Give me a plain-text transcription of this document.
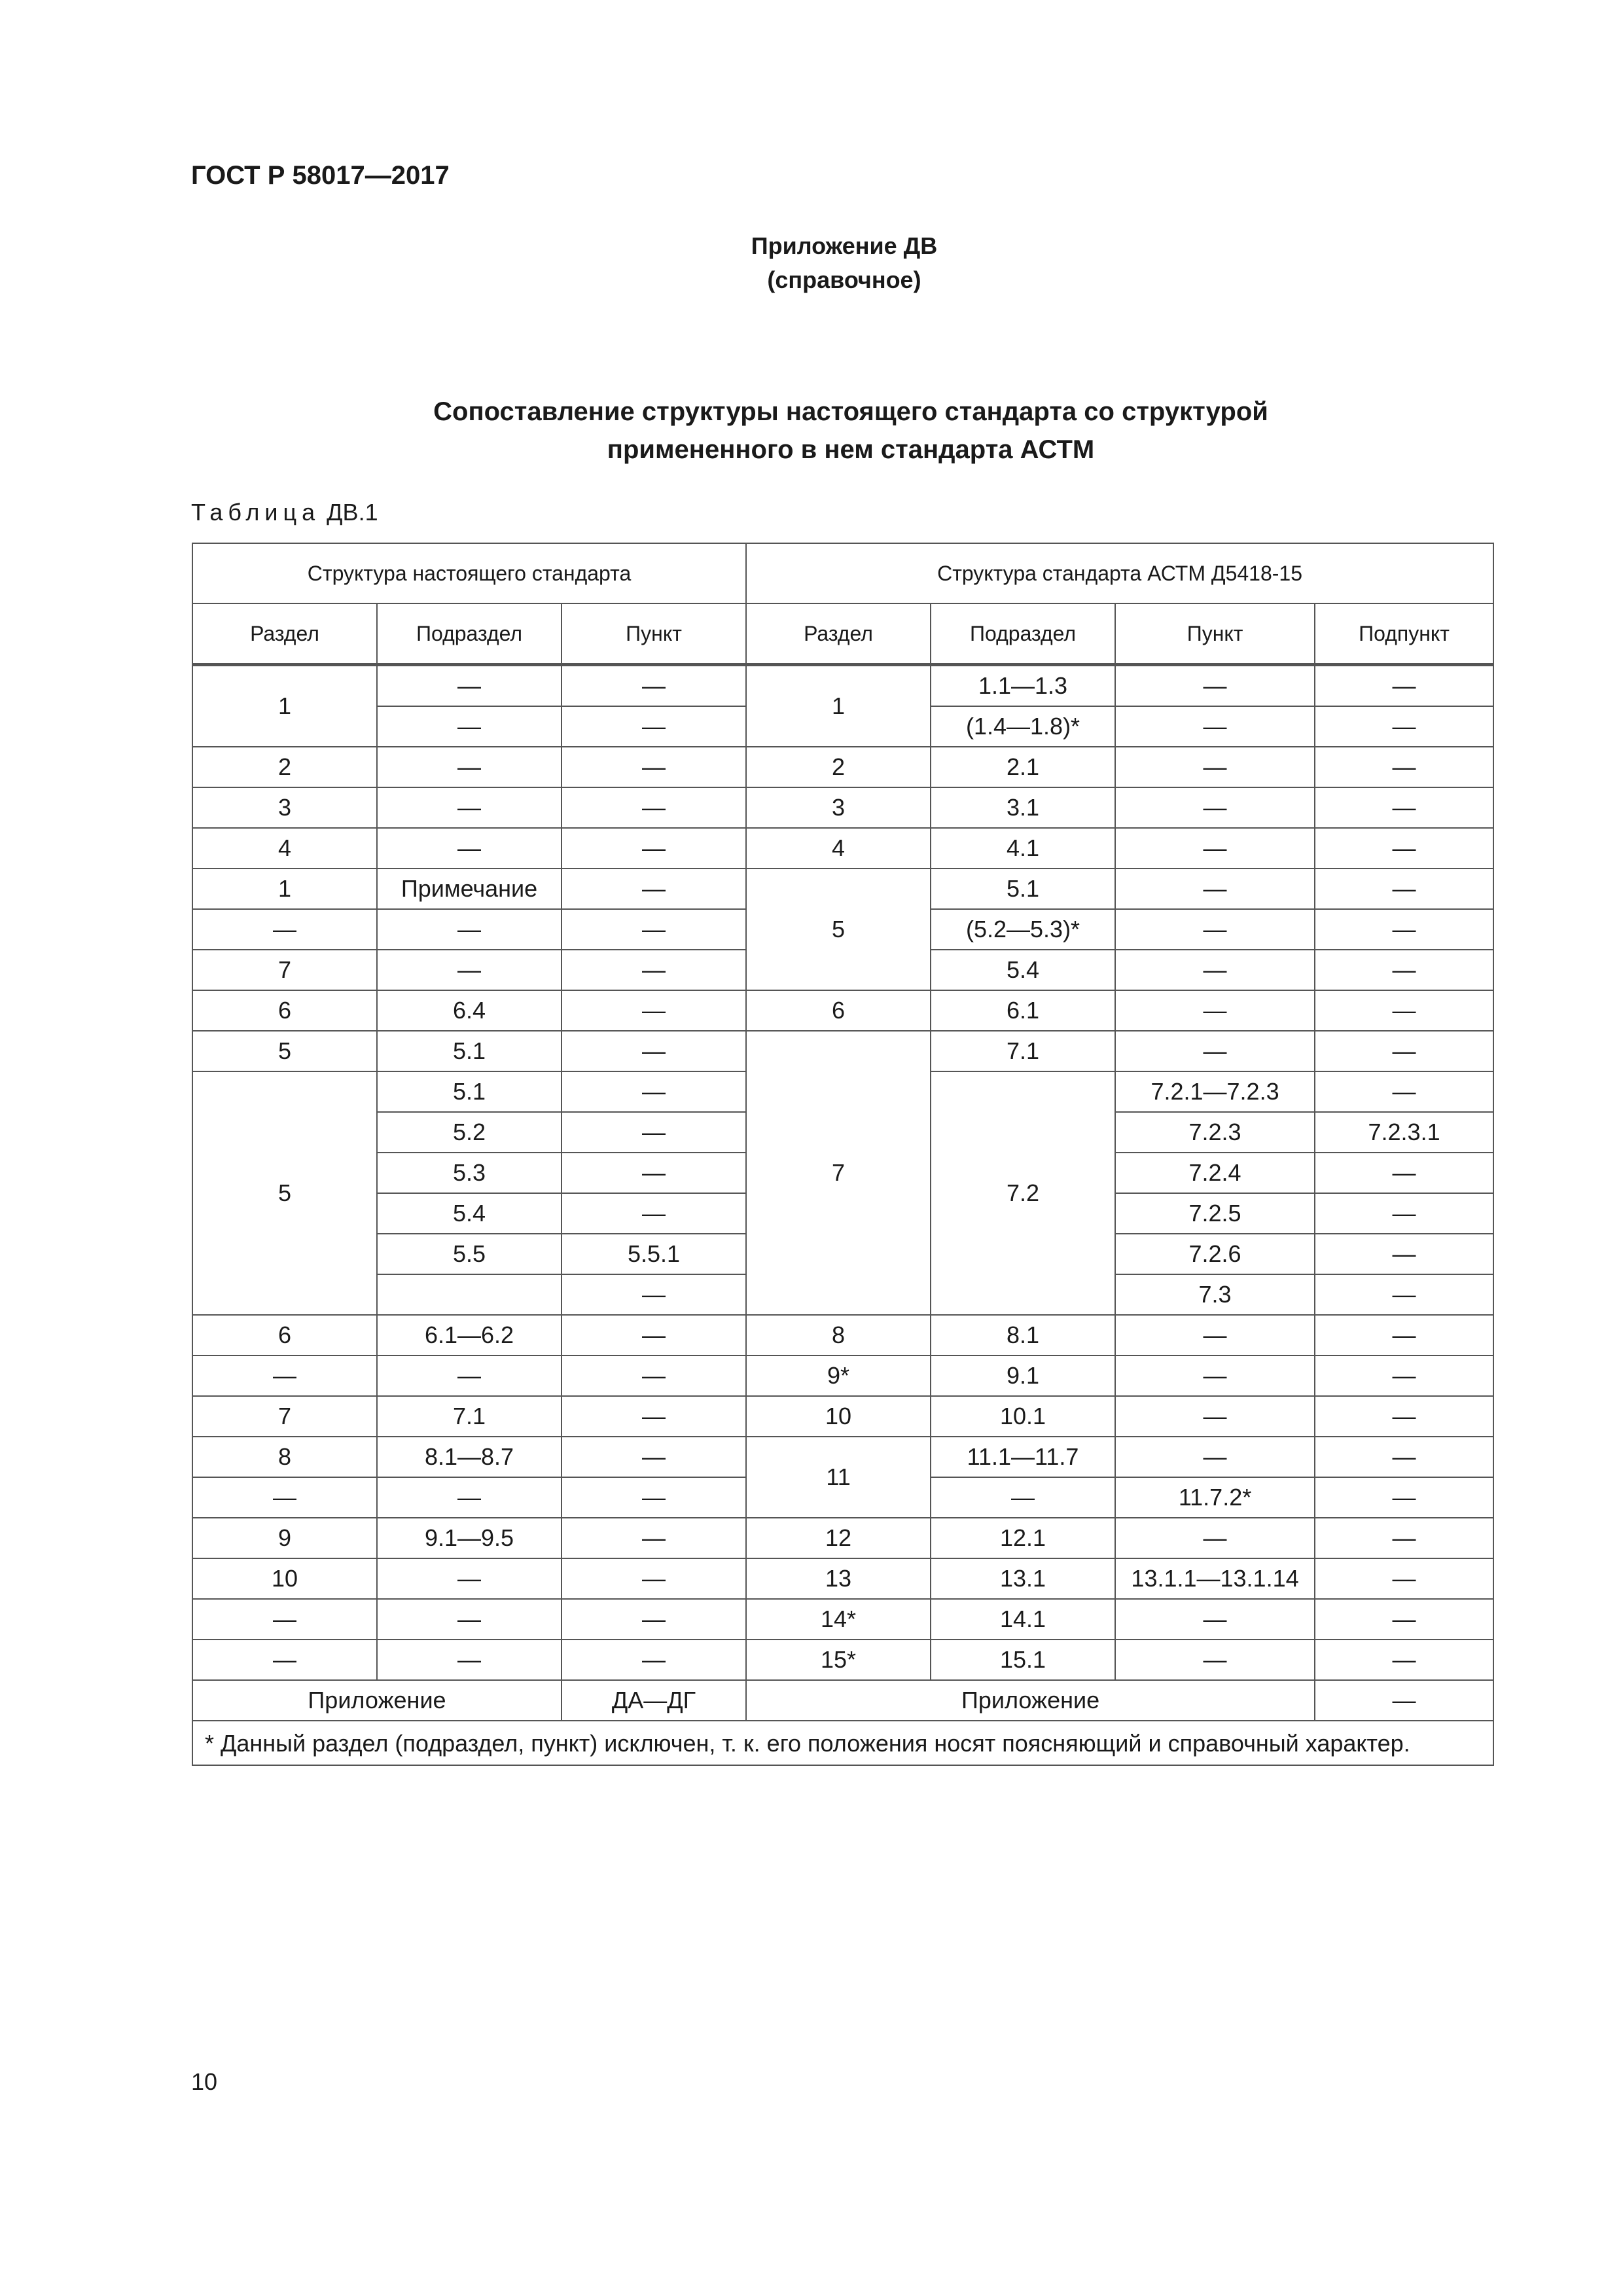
ГОСТ Р 58017—2017
Приложение ДВ
(справочное)
Сопоставление структуры настоящего стандарта со структурой
примененного в нем стандарта АСТМ
Таблица ДВ.1
Структура настоящего стандарта			Структура стандарта АСТМ Д5418-15			
Раздел	Подраздел	Пункт	Раздел	Подраздел	Пункт	Подпункт
1	—	—	1	1.1—1.3	—	—
	—	—		(1.4—1.8)*	—	—
2	—	—	2	2.1	—	—
3	—	—	3	3.1	—	—
4	—	—	4	4.1	—	—
1	Примечание	—	5	5.1	—	—
—	—	—		(5.2—5.3)*	—	—
7	—	—		5.4	—	—
6	6.4	—	6	6.1	—	—
5	5.1	—	7	7.1	—	—
5	5.1	—		7.2	7.2.1—7.2.3	—
	5.2	—			7.2.3	7.2.3.1
	5.3	—			7.2.4	—
	5.4	—			7.2.5	—
	5.5	5.5.1			7.2.6	—
		—			7.3	—
6	6.1—6.2	—	8	8.1	—	—
—	—	—	9*	9.1	—	—
7	7.1	—	10	10.1	—	—
8	8.1—8.7	—	11	11.1—11.7	—	—
—	—	—		—	11.7.2*	—
9	9.1—9.5	—	12	12.1	—	—
10	—	—	13	13.1	13.1.1—13.1.14	—
—	—	—	14*	14.1	—	—
—	—	—	15*	15.1	—	—
Приложение		ДА—ДГ	Приложение			—
* Данный раздел (подраздел, пункт) исключен, т. к. его положения носят поясняющий и справочный характер.						
10
